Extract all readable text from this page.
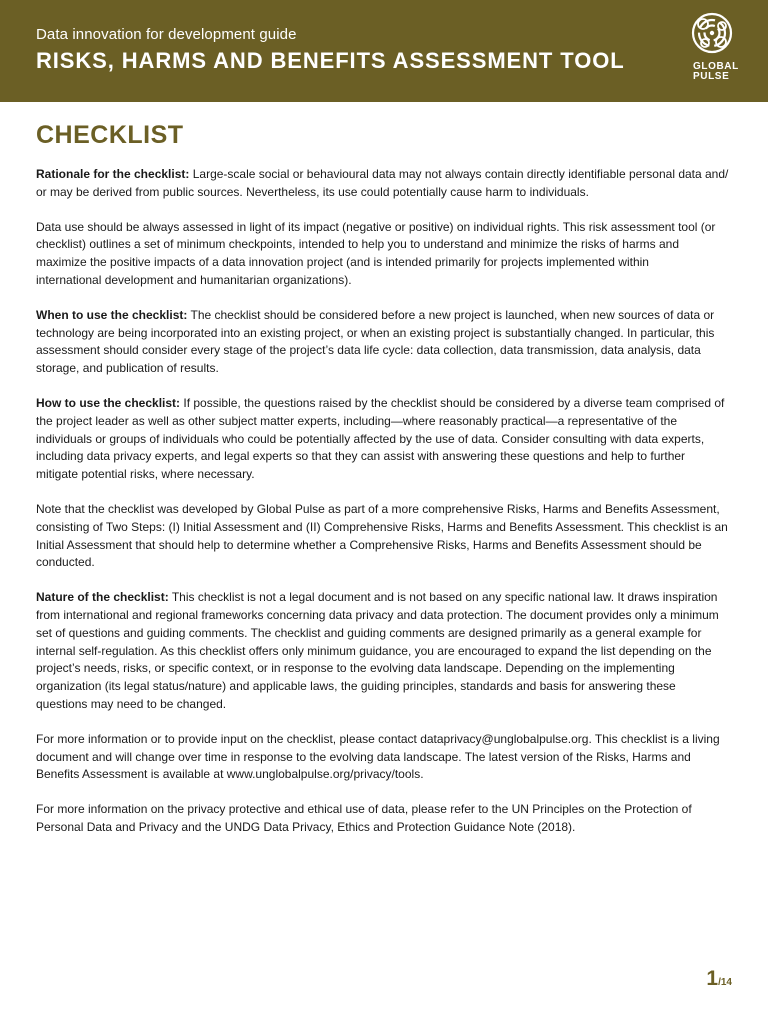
Data innovation for development guide
RISKS, HARMS AND BENEFITS ASSESSMENT TOOL	GLOBAL
PULSE
CHECKLIST

Rationale for the checklist: Large-scale social or behavioural data may not always contain directly identifiable personal data and/
or may be derived from public sources. Nevertheless, its use could potentially cause harm to individuals.

Data use should be always assessed in light of its impact (negative or positive) on individual rights. This risk assessment tool (or
checklist) outlines a set of minimum checkpoints, intended to help you to understand and minimize the risks of harms and
maximize the positive impacts of a data innovation project (and is intended primarily for projects implemented within
international development and humanitarian organizations).

When to use the checklist: The checklist should be considered before a new project is launched, when new sources of data or
technology are being incorporated into an existing project, or when an existing project is substantially changed. In particular, this
assessment should consider every stage of the project’s data life cycle: data collection, data transmission, data analysis, data
storage, and publication of results.

How to use the checklist: If possible, the questions raised by the checklist should be considered by a diverse team comprised of
the project leader as well as other subject matter experts, including—where reasonably practical—a representative of the
individuals or groups of individuals who could be potentially affected by the use of data. Consider consulting with data experts,
including data privacy experts, and legal experts so that they can assist with answering these questions and help to further
mitigate potential risks, where necessary.

Note that the checklist was developed by Global Pulse as part of a more comprehensive Risks, Harms and Benefits Assessment,
consisting of Two Steps: (I) Initial Assessment and (II) Comprehensive Risks, Harms and Benefits Assessment. This checklist is an
Initial Assessment that should help to determine whether a Comprehensive Risks, Harms and Benefits Assessment should be
conducted.

Nature of the checklist: This checklist is not a legal document and is not based on any specific national law. It draws inspiration
from international and regional frameworks concerning data privacy and data protection. The document provides only a minimum
set of questions and guiding comments. The checklist and guiding comments are designed primarily as a general example for
internal self-regulation. As this checklist offers only minimum guidance, you are encouraged to expand the list depending on the
project’s needs, risks, or specific context, or in response to the evolving data landscape. Depending on the implementing
organization (its legal status/nature) and applicable laws, the guiding principles, standards and basis for answering these
questions may need to be changed.

For more information or to provide input on the checklist, please contact dataprivacy@unglobalpulse.org. This checklist is a living
document and will change over time in response to the evolving data landscape. The latest version of the Risks, Harms and
Benefits Assessment is available at www.unglobalpulse.org/privacy/tools.

For more information on the privacy protective and ethical use of data, please refer to the UN Principles on the Protection of
Personal Data and Privacy and the UNDG Data Privacy, Ethics and Protection Guidance Note (2018).

1/14
